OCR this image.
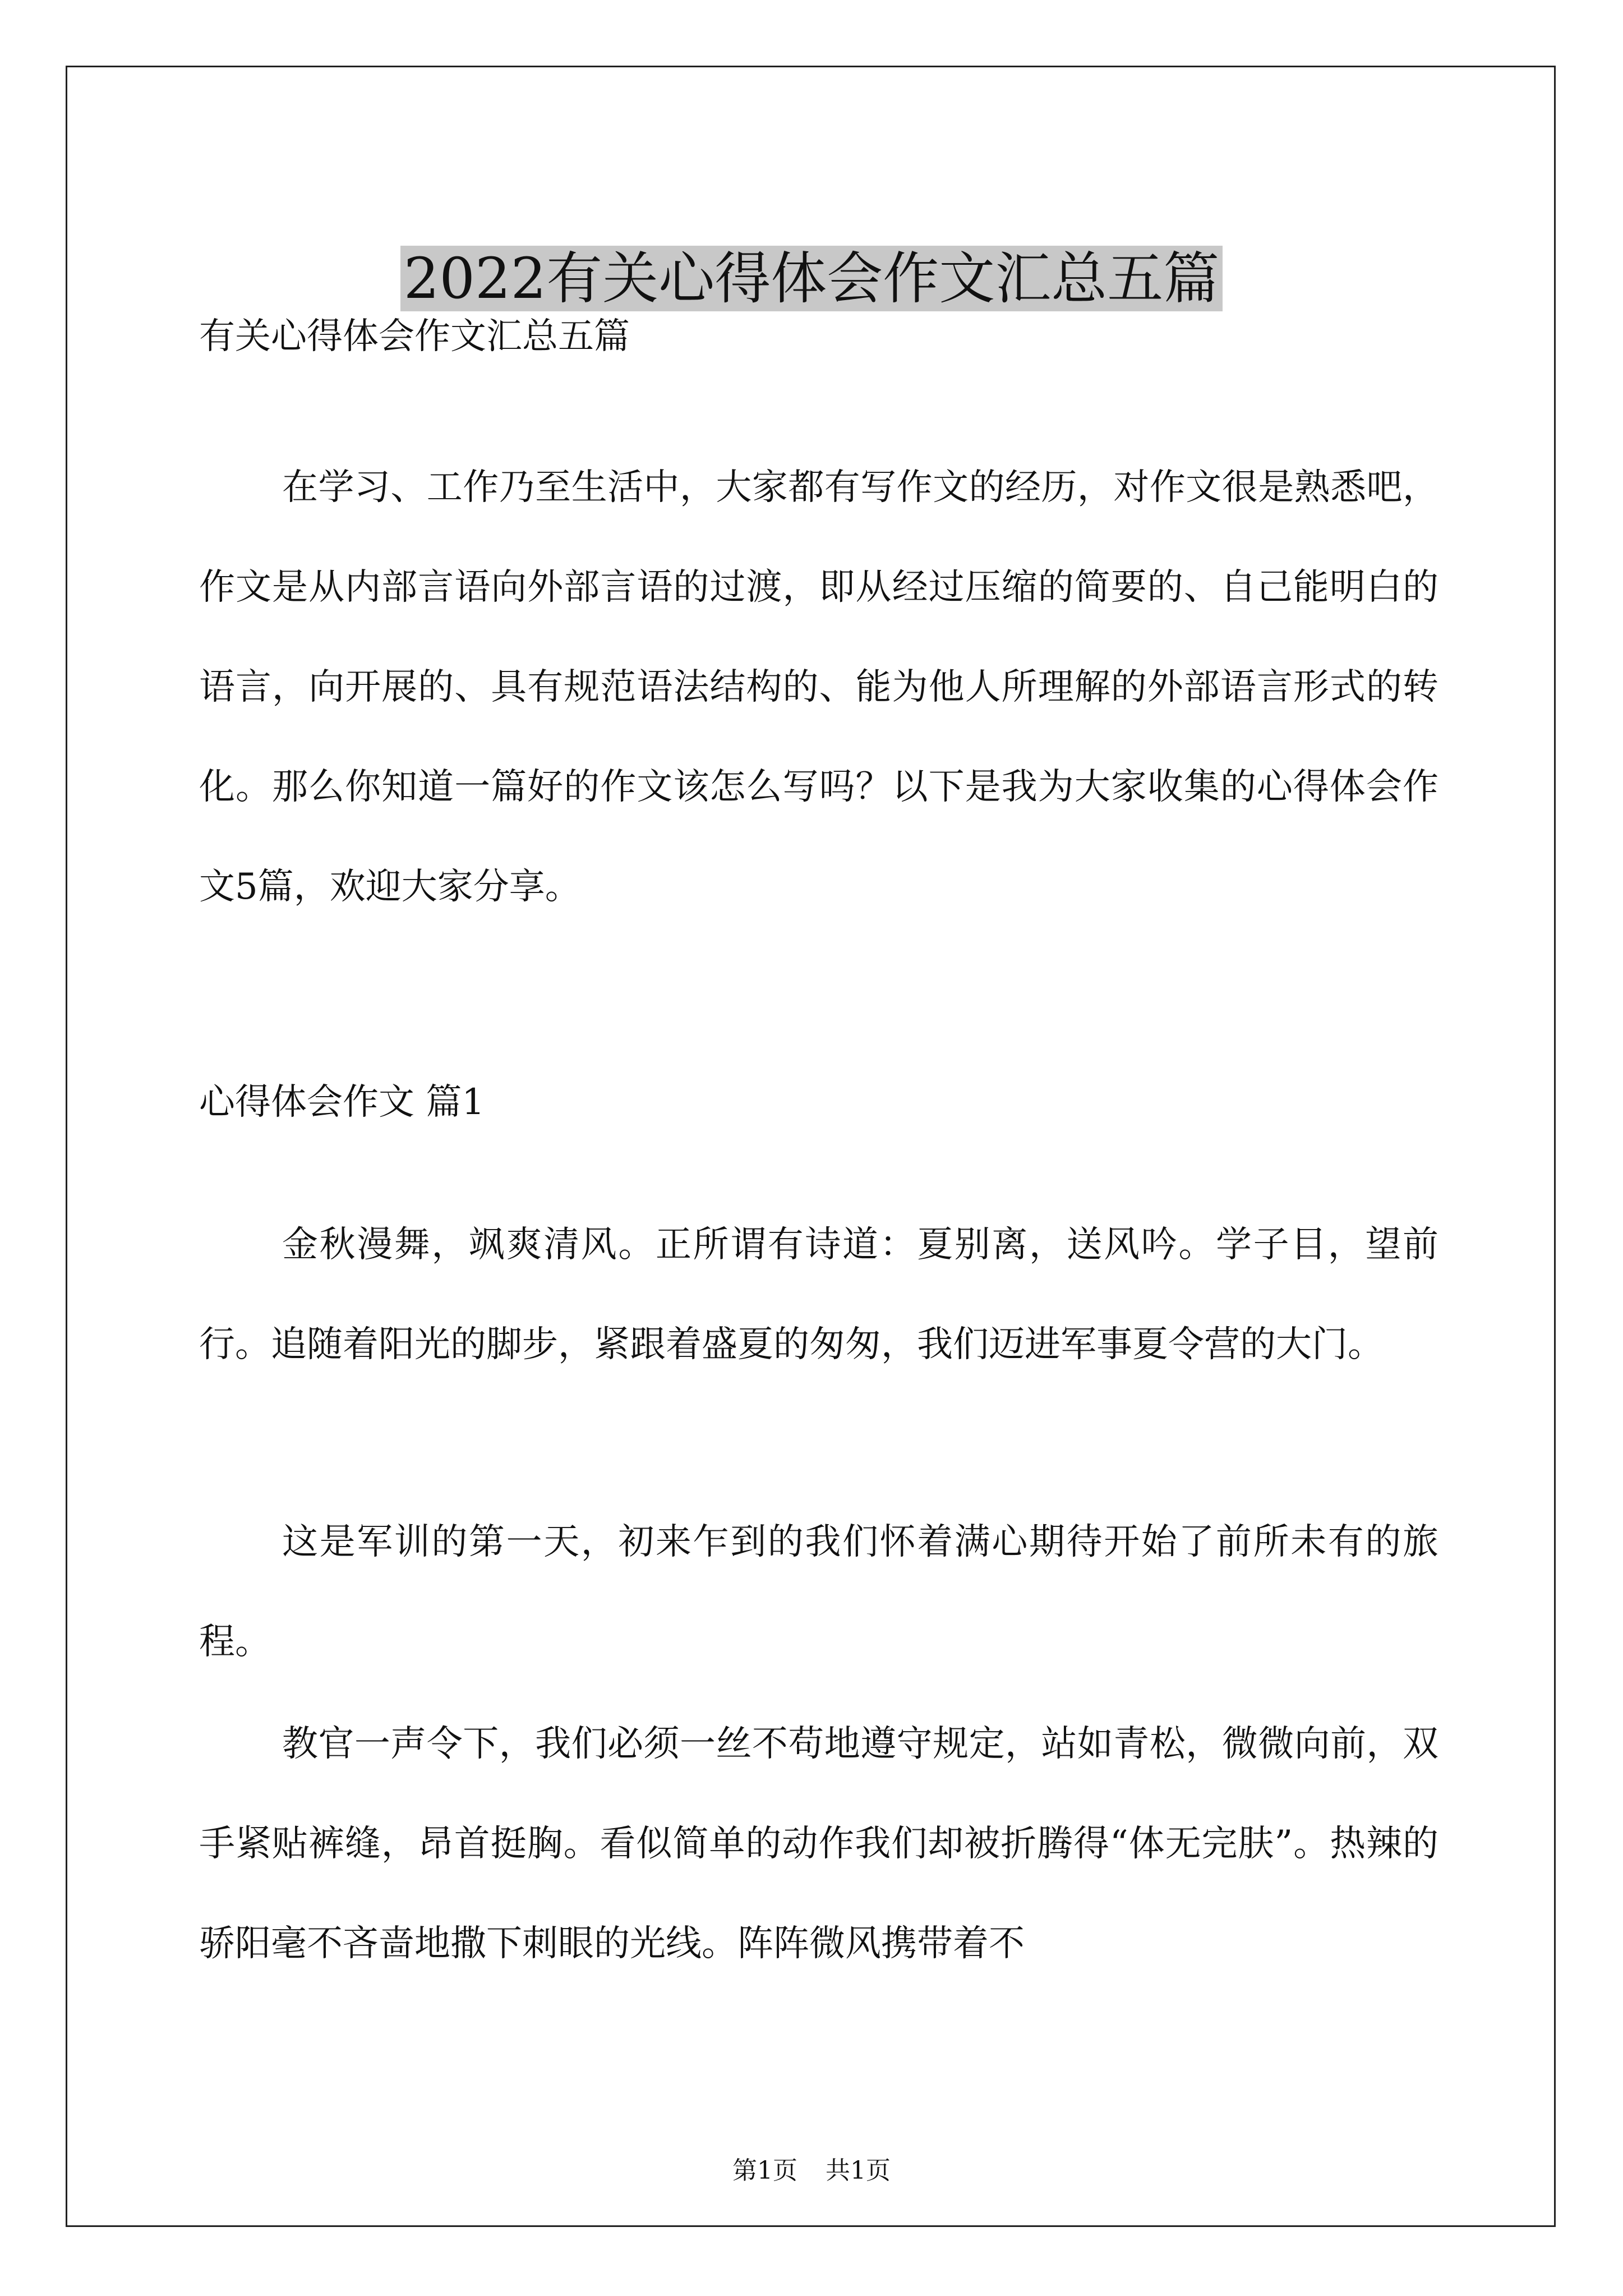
2022有关心得体会作文汇总五篇
有关心得体会作文汇总五篇

在学习、工作乃至生活中，大家都有写作文的经历，对作文很是熟悉吧，作文是从内部言语向外部言语的过渡，即从经过压缩的简要的、自己能明白的语言，向开展的、具有规范语法结构的、能为他人所理解的外部语言形式的转化。那么你知道一篇好的作文该怎么写吗？以下是我为大家收集的心得体会作文5篇，欢迎大家分享。

心得体会作文 篇1

金秋漫舞，飒爽清风。正所谓有诗道：夏别离，送风吟。学子目，望前行。追随着阳光的脚步，紧跟着盛夏的匆匆，我们迈进军事夏令营的大门。

这是军训的第一天，初来乍到的我们怀着满心期待开始了前所未有的旅程。

教官一声令下，我们必须一丝不苟地遵守规定，站如青松，微微向前，双手紧贴裤缝，昂首挺胸。看似简单的动作我们却被折腾得“体无完肤”。热辣的骄阳毫不吝啬地撒下刺眼的光线。阵阵微风携带着不

第1页 共1页
